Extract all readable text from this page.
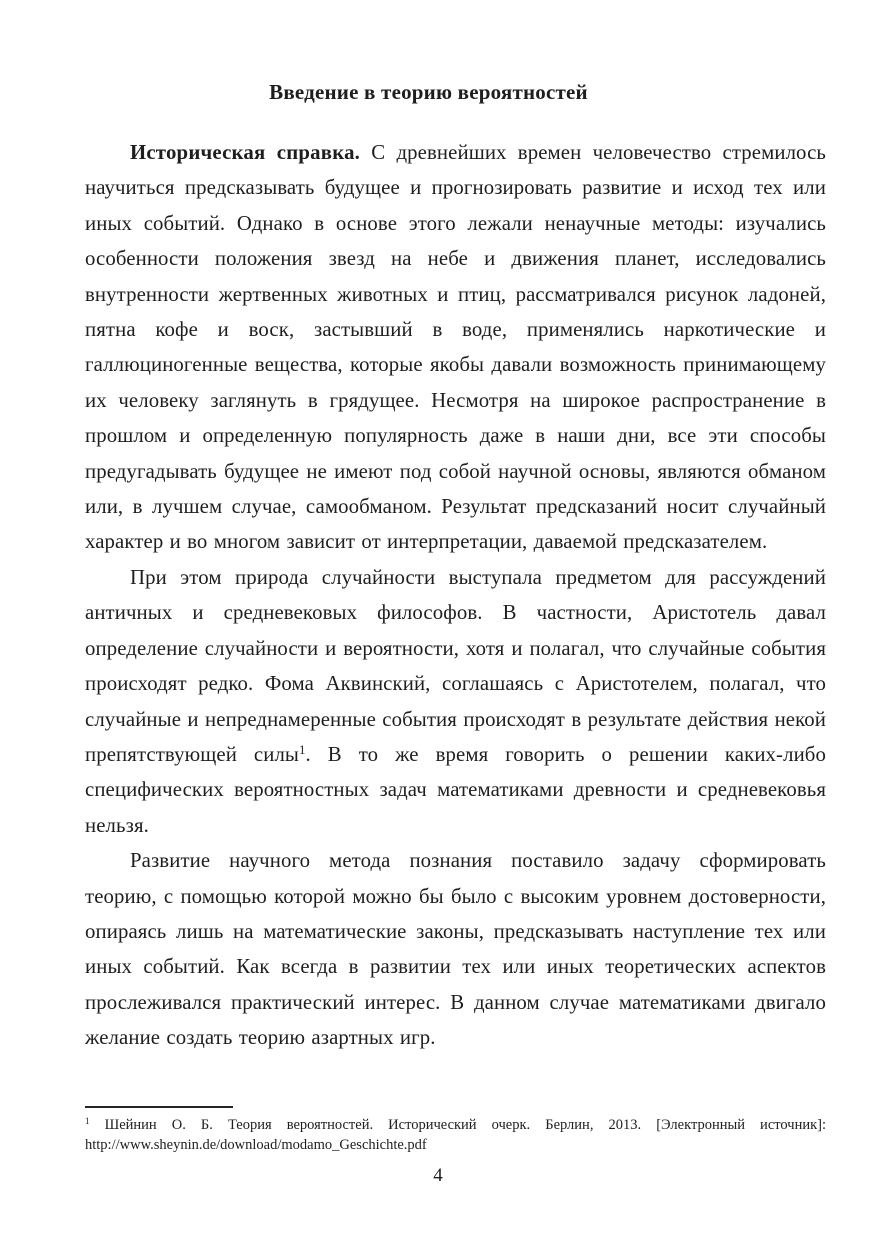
Введение в теорию вероятностей

Историческая справка. С древнейших времен человечество стремилось научиться предсказывать будущее и прогнозировать развитие и исход тех или иных событий. Однако в основе этого лежали ненаучные методы: изучались особенности положения звезд на небе и движения планет, исследовались внутренности жертвенных животных и птиц, рассматривался рисунок ладоней, пятна кофе и воск, застывший в воде, применялись наркотические и галлюциногенные вещества, которые якобы давали возможность принимающему их человеку заглянуть в грядущее. Несмотря на широкое распространение в прошлом и определенную популярность даже в наши дни, все эти способы предугадывать будущее не имеют под собой научной основы, являются обманом или, в лучшем случае, самообманом. Результат предсказаний носит случайный характер и во многом зависит от интерпретации, даваемой предсказателем.

При этом природа случайности выступала предметом для рассуждений античных и средневековых философов. В частности, Аристотель давал определение случайности и вероятности, хотя и полагал, что случайные события происходят редко. Фома Аквинский, соглашаясь с Аристотелем, полагал, что случайные и непреднамеренные события происходят в результате действия некой препятствующей силы$^1$. В то же время говорить о решении каких-либо специфических вероятностных задач математиками древности и средневековья нельзя.

Развитие научного метода познания поставило задачу сформировать теорию, с помощью которой можно бы было с высоким уровнем достоверности, опираясь лишь на математические законы, предсказывать наступление тех или иных событий. Как всегда в развитии тех или иных теоретических аспектов прослеживался практический интерес. В данном случае математиками двигало желание создать теорию азартных игр.

$^1$ Шейнин О. Б. Теория вероятностей. Исторический очерк. Берлин, 2013. [Электронный источник]: http://www.sheynin.de/download/modamo_Geschichte.pdf

4
